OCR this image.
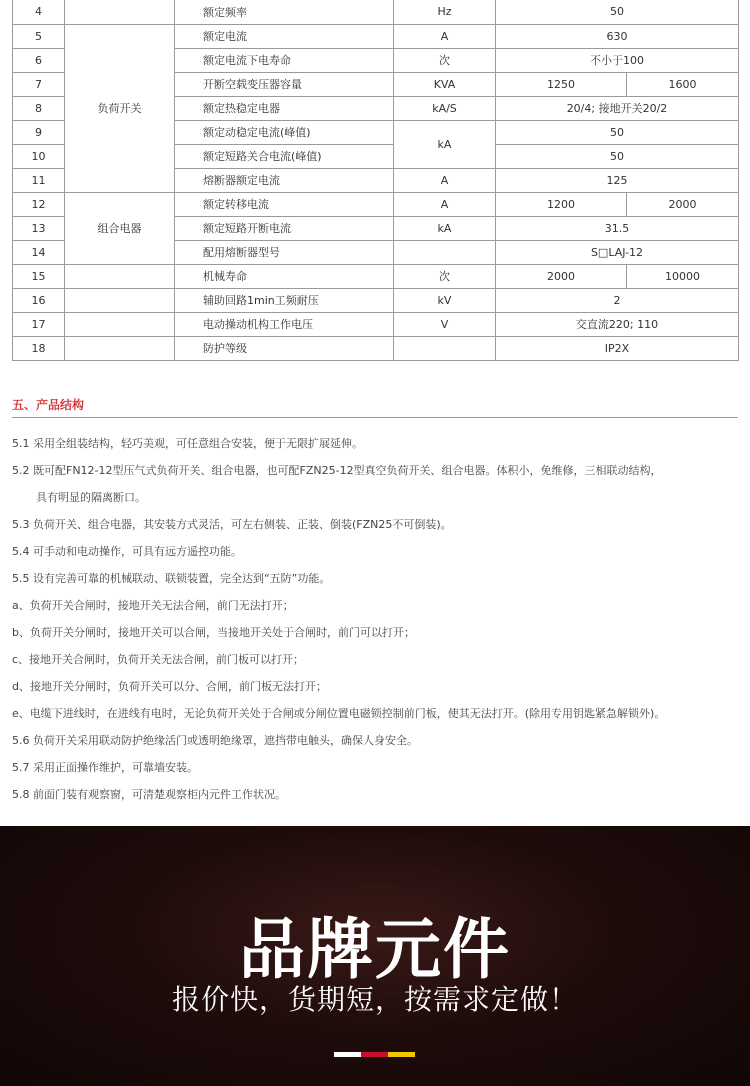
4		额定频率	Hz	50	
5	负荷开关	额定电流	A	630	
6		额定电流下电寿命	次	不小于100	
7		开断空载变压器容量	KVA	1250	1600
8		额定热稳定电器	kA/S	20/4; 接地开关20/2	
9		额定动稳定电流(峰值)	kA	50	
10		额定短路关合电流(峰值)		50	
11		熔断器额定电流	A	125	
12	组合电器	额定转移电流	A	1200	2000
13		额定短路开断电流	kA	31.5	
14		配用熔断器型号		S□LAJ-12	
15		机械寿命	次	2000	10000
16		辅助回路1min工频耐压	kV	2	
17		电动操动机构工作电压	V	交直流220; 110	
18		防护等级		IP2X	
五、产品结构
5.1 采用全组装结构，轻巧美观，可任意组合安装，便于无限扩展延伸。
5.2 既可配FN12-12型压气式负荷开关、组合电器，也可配FZN25-12型真空负荷开关、组合电器。体积小，免维修，三相联动结构，
具有明显的隔离断口。
5.3 负荷开关、组合电器，其安装方式灵活，可左右侧装、正装、倒装(FZN25不可倒装)。
5.4 可手动和电动操作，可具有远方遥控功能。
5.5 设有完善可靠的机械联动、联锁装置，完全达到“五防”功能。
a、负荷开关合闸时，接地开关无法合闸，前门无法打开；
b、负荷开关分闸时，接地开关可以合闸，当接地开关处于合闸时，前门可以打开；
c、接地开关合闸时，负荷开关无法合闸，前门板可以打开；
d、接地开关分闸时，负荷开关可以分、合闸，前门板无法打开；
e、电缆下进线时，在进线有电时，无论负荷开关处于合闸或分闸位置电磁锁控制前门板，使其无法打开。(除用专用钥匙紧急解锁外)。
5.6 负荷开关采用联动防护绝缘活门或透明绝缘罩，遮挡带电触头，确保人身安全。
5.7 采用正面操作维护，可靠墙安装。
5.8 前面门装有观察窗，可清楚观察柜内元件工作状况。
品牌元件
报价快，货期短，按需求定做！
